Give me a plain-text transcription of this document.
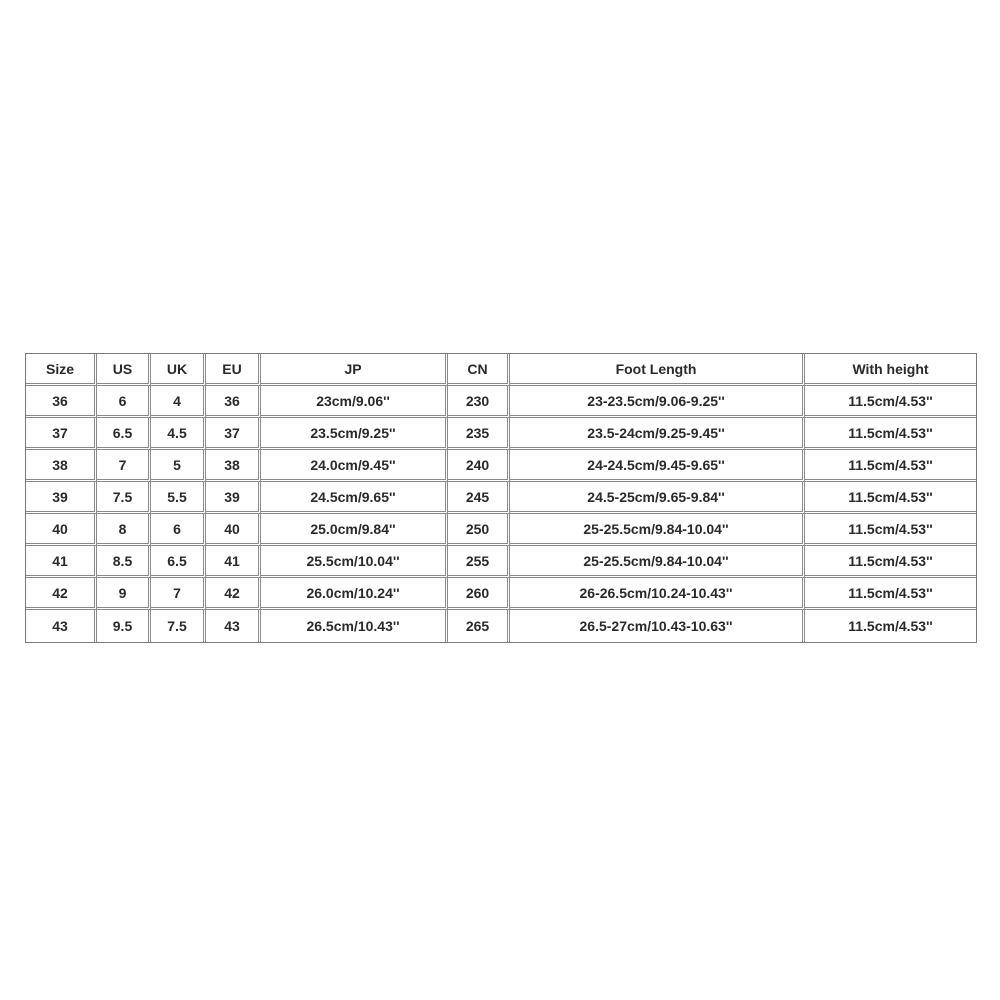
Size	US	UK	EU	JP	CN	Foot Length	With height
36	6	4	36	23cm/9.06''	230	23-23.5cm/9.06-9.25''	11.5cm/4.53''
37	6.5	4.5	37	23.5cm/9.25''	235	23.5-24cm/9.25-9.45''	11.5cm/4.53''
38	7	5	38	24.0cm/9.45''	240	24-24.5cm/9.45-9.65''	11.5cm/4.53''
39	7.5	5.5	39	24.5cm/9.65''	245	24.5-25cm/9.65-9.84''	11.5cm/4.53''
40	8	6	40	25.0cm/9.84''	250	25-25.5cm/9.84-10.04''	11.5cm/4.53''
41	8.5	6.5	41	25.5cm/10.04''	255	25-25.5cm/9.84-10.04''	11.5cm/4.53''
42	9	7	42	26.0cm/10.24''	260	26-26.5cm/10.24-10.43''	11.5cm/4.53''
43	9.5	7.5	43	26.5cm/10.43''	265	26.5-27cm/10.43-10.63''	11.5cm/4.53''
